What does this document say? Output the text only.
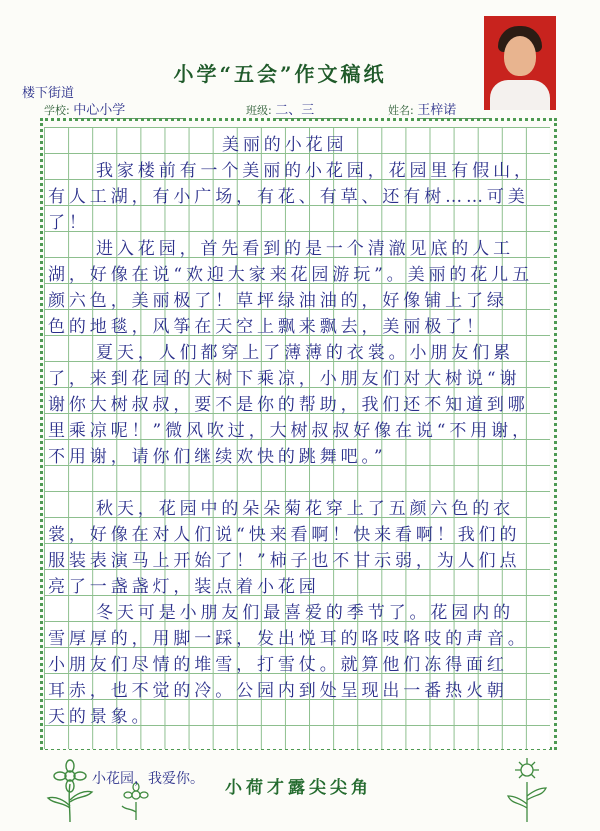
楼下街道
小学“五会”作文稿纸
学校: 中心小学	班级: 二、三	姓名: 王梓诺
美丽的小花园
我家楼前有一个美丽的小花园，花园里有假山，
有人工湖，有小广场，有花、有草、还有树……可美
了！
进入花园，首先看到的是一个清澈见底的人工
湖，好像在说“欢迎大家来花园游玩”。美丽的花儿五
颜六色，美丽极了！草坪绿油油的，好像铺上了绿
色的地毯，风筝在天空上飘来飘去，美丽极了！
夏天，人们都穿上了薄薄的衣裳。小朋友们累
了，来到花园的大树下乘凉，小朋友们对大树说“谢
谢你大树叔叔，要不是你的帮助，我们还不知道到哪
里乘凉呢！”微风吹过，大树叔叔好像在说“不用谢，
不用谢，请你们继续欢快的跳舞吧。”
秋天，花园中的朵朵菊花穿上了五颜六色的衣
裳，好像在对人们说“快来看啊！快来看啊！我们的
服装表演马上开始了！”柿子也不甘示弱，为人们点
亮了一盏盏灯，装点着小花园
冬天可是小朋友们最喜爱的季节了。花园内的
雪厚厚的，用脚一踩，发出悦耳的咯吱咯吱的声音。
小朋友们尽情的堆雪，打雪仗。就算他们冻得面红
耳赤，也不觉的冷。公园内到处呈现出一番热火朝
天的景象。
小花园，我爱你。 小荷才露尖尖角
